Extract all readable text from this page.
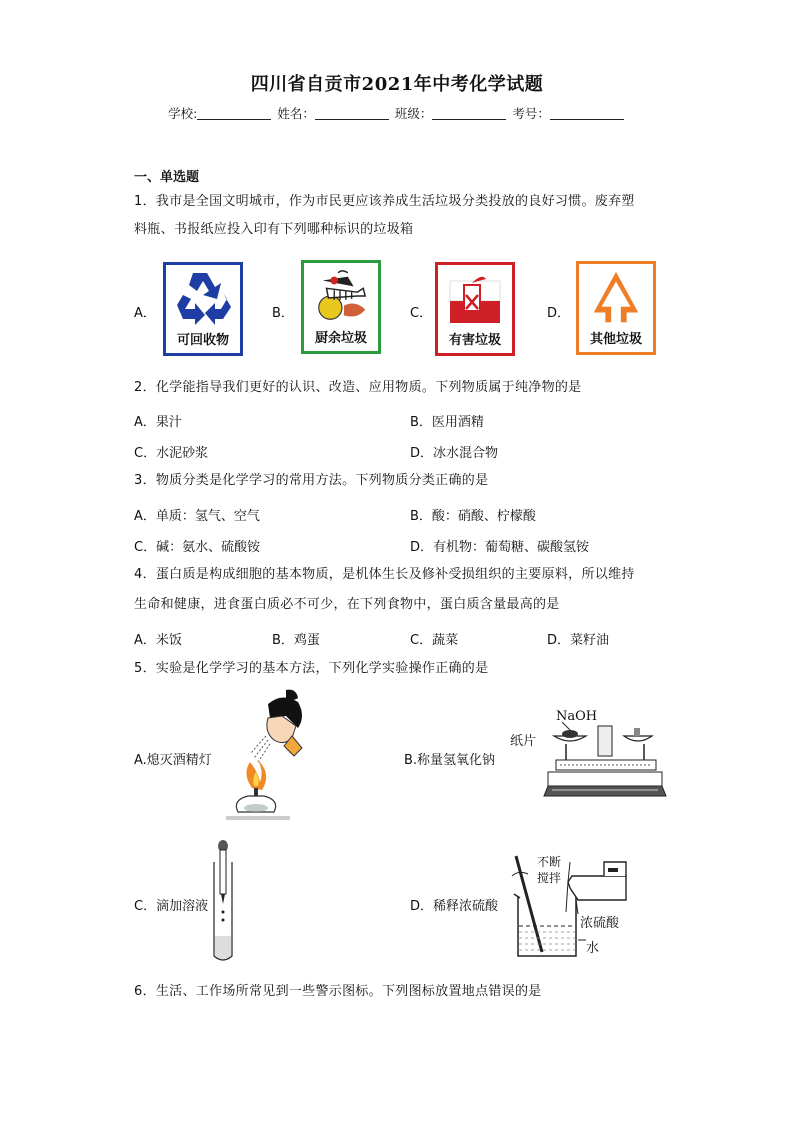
四川省自贡市2021年中考化学试题
学校:	姓名：	班级：	考号：
一、单选题
1．我市是全国文明城市，作为市民更应该养成生活垃圾分类投放的良好习惯。废弃塑
料瓶、书报纸应投入印有下列哪种标识的垃圾箱
A．
可回收物
B．
厨余垃圾
C．
有害垃圾
D．
其他垃圾
2．化学能指导我们更好的认识、改造、应用物质。下列物质属于纯净物的是
A．果汁	B．医用酒精
C．水泥砂浆	D．冰水混合物
3．物质分类是化学学习的常用方法。下列物质分类正确的是
A．单质：氢气、空气	B．酸：硝酸、柠檬酸
C．碱：氨水、硫酸铵	D．有机物：葡萄糖、碳酸氢铵
4．蛋白质是构成细胞的基本物质，是机体生长及修补受损组织的主要原料，所以维持
生命和健康，进食蛋白质必不可少，在下列食物中，蛋白质含量最高的是
A．米饭	B．鸡蛋	C．蔬菜	D．菜籽油
5．实验是化学学习的基本方法，下列化学实验操作正确的是
A.熄灭酒精灯	B.称量氢氧化钠
NaOH
纸片
C．滴加溶液	D．稀释浓硫酸
不断
搅拌
浓硫酸
水
6．生活、工作场所常见到一些警示图标。下列图标放置地点错误的是
